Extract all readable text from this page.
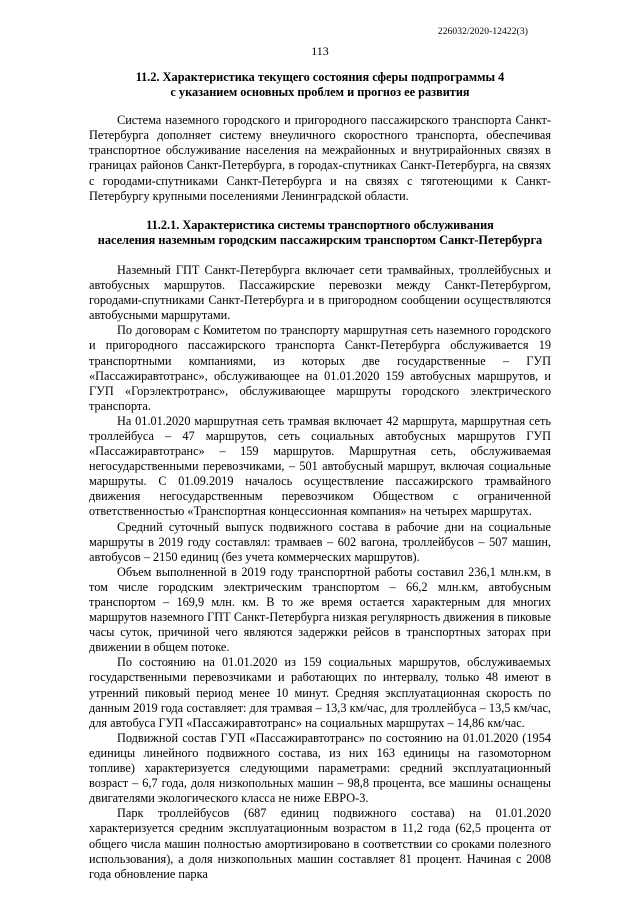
226032/2020-12422(3)
113
11.2. Характеристика текущего состояния сферы подпрограммы 4
с указанием основных проблем и прогноз ее развития

Система наземного городского и пригородного пассажирского транспорта Санкт-Петербурга дополняет систему внеуличного скоростного транспорта, обеспечивая транспортное обслуживание населения на межрайонных и внутрирайонных связях в границах районов Санкт-Петербурга, в городах-спутниках Санкт-Петербурга, на связях с городами-спутниками Санкт-Петербурга и на связях с тяготеющими к Санкт-Петербургу крупными поселениями Ленинградской области.

11.2.1. Характеристика системы транспортного обслуживания
населения наземным городским пассажирским транспортом Санкт-Петербурга

Наземный ГПТ Санкт-Петербурга включает сети трамвайных, троллейбусных и автобусных маршрутов. Пассажирские перевозки между Санкт-Петербургом, городами-спутниками Санкт-Петербурга и в пригородном сообщении осуществляются автобусными маршрутами.

По договорам с Комитетом по транспорту маршрутная сеть наземного городского и пригородного пассажирского транспорта Санкт-Петербурга обслуживается 19 транспортными компаниями, из которых две государственные – ГУП «Пассажиравтотранс», обслуживающее на 01.01.2020 159 автобусных маршрутов, и ГУП «Горэлектротранс», обслуживающее маршруты городского электрического транспорта.

На 01.01.2020 маршрутная сеть трамвая включает 42 маршрута, маршрутная сеть троллейбуса – 47 маршрутов, сеть социальных автобусных маршрутов ГУП «Пассажиравтотранс» – 159 маршрутов. Маршрутная сеть, обслуживаемая негосударственными перевозчиками, – 501 автобусный маршрут, включая социальные маршруты. С 01.09.2019 началось осуществление пассажирского трамвайного движения негосударственным перевозчиком Обществом с ограниченной ответственностью «Транспортная концессионная компания» на четырех маршрутах.

Средний суточный выпуск подвижного состава в рабочие дни на социальные маршруты в 2019 году составлял: трамваев – 602 вагона, троллейбусов – 507 машин, автобусов – 2150 единиц (без учета коммерческих маршрутов).

Объем выполненной в 2019 году транспортной работы составил 236,1 млн.км, в том числе городским электрическим транспортом – 66,2 млн.км, автобусным транспортом – 169,9 млн. км. В то же время остается характерным для многих маршрутов наземного ГПТ Санкт-Петербурга низкая регулярность движения в пиковые часы суток, причиной чего являются задержки рейсов в транспортных заторах при движении в общем потоке.

По состоянию на 01.01.2020 из 159 социальных маршрутов, обслуживаемых государственными перевозчиками и работающих по интервалу, только 48 имеют в утренний пиковый период менее 10 минут. Средняя эксплуатационная скорость по данным 2019 года составляет: для трамвая – 13,3 км/час, для троллейбуса – 13,5 км/час, для автобуса ГУП «Пассажиравтотранс» на социальных маршрутах – 14,86 км/час.

Подвижной состав ГУП «Пассажиравтотранс» по состоянию на 01.01.2020 (1954 единицы линейного подвижного состава, из них 163 единицы на газомоторном топливе) характеризуется следующими параметрами: средний эксплуатационный возраст – 6,7 года, доля низкопольных машин – 98,8 процента, все машины оснащены двигателями экологического класса не ниже ЕВРО-3.

Парк троллейбусов (687 единиц подвижного состава) на 01.01.2020 характеризуется средним эксплуатационным возрастом в 11,2 года (62,5 процента от общего числа машин полностью амортизировано в соответствии со сроками полезного использования), а доля низкопольных машин составляет 81 процент. Начиная с 2008 года обновление парка
